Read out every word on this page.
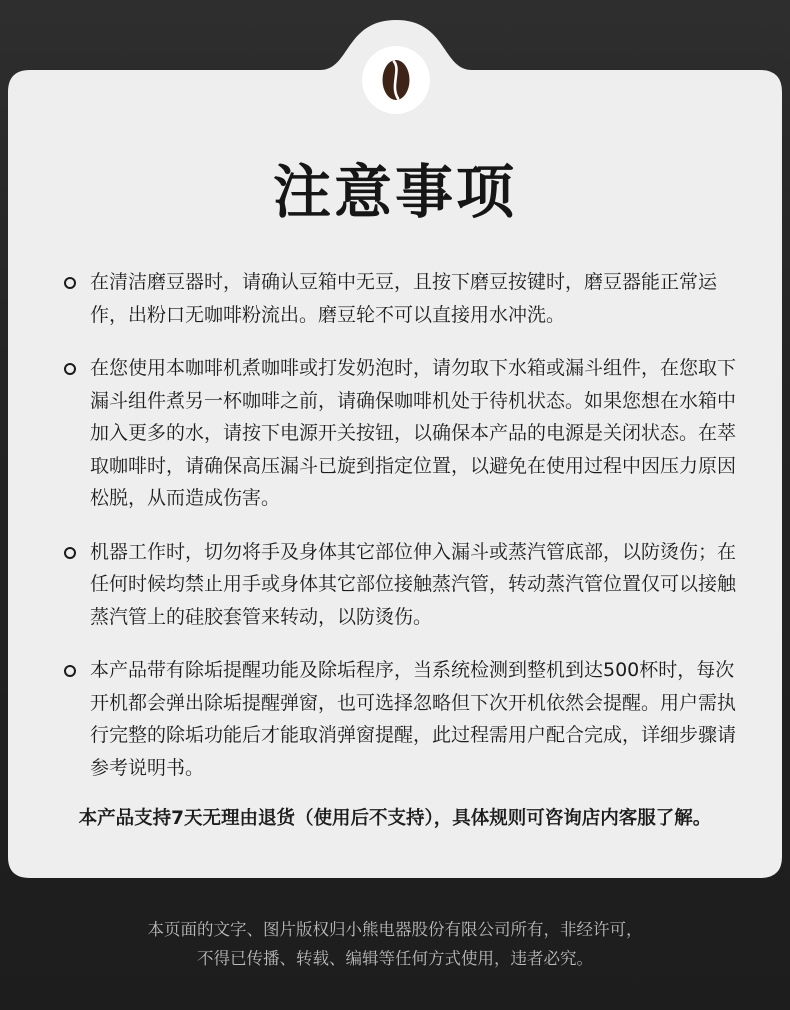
注意事项
在清洁磨豆器时，请确认豆箱中无豆，且按下磨豆按键时，磨豆器能正常运作，出粉口无咖啡粉流出。磨豆轮不可以直接用水冲洗。
在您使用本咖啡机煮咖啡或打发奶泡时，请勿取下水箱或漏斗组件，在您取下漏斗组件煮另一杯咖啡之前，请确保咖啡机处于待机状态。如果您想在水箱中加入更多的水，请按下电源开关按钮，以确保本产品的电源是关闭状态。在萃取咖啡时，请确保高压漏斗已旋到指定位置，以避免在使用过程中因压力原因松脱，从而造成伤害。
机器工作时，切勿将手及身体其它部位伸入漏斗或蒸汽管底部，以防烫伤；在任何时候均禁止用手或身体其它部位接触蒸汽管，转动蒸汽管位置仅可以接触蒸汽管上的硅胶套管来转动，以防烫伤。
本产品带有除垢提醒功能及除垢程序，当系统检测到整机到达500杯时，每次开机都会弹出除垢提醒弹窗，也可选择忽略但下次开机依然会提醒。用户需执行完整的除垢功能后才能取消弹窗提醒，此过程需用户配合完成，详细步骤请参考说明书。

本产品支持7天无理由退货（使用后不支持），具体规则可咨询店内客服了解。

本页面的文字、图片版权归小熊电器股份有限公司所有，非经许可，
不得已传播、转载、编辑等任何方式使用，违者必究。
